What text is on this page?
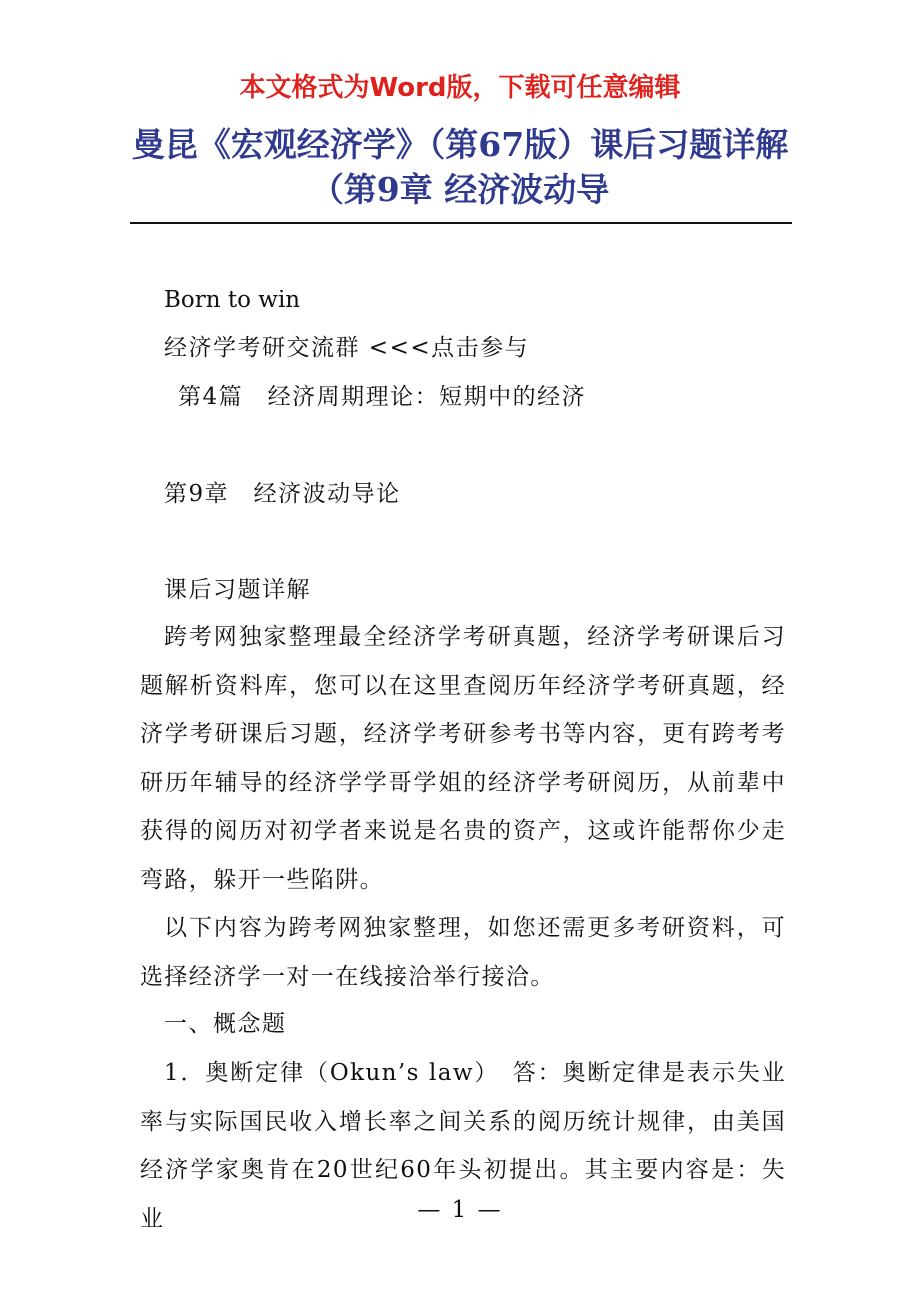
本文格式为Word版，下载可任意编辑
曼昆《宏观经济学》（第67版）课后习题详解（第9章 经济波动导
Born to win
经济学考研交流群 <<<点击参与
第4篇　经济周期理论：短期中的经济
第9章　经济波动导论
课后习题详解
跨考网独家整理最全经济学考研真题，经济学考研课后习题解析资料库，您可以在这里查阅历年经济学考研真题，经济学考研课后习题，经济学考研参考书等内容，更有跨考考研历年辅导的经济学学哥学姐的经济学考研阅历，从前辈中获得的阅历对初学者来说是名贵的资产，这或许能帮你少走弯路，躲开一些陷阱。
以下内容为跨考网独家整理，如您还需更多考研资料，可选择经济学一对一在线接洽举行接洽。
一、概念题
1．奥断定律（Okun’s law）　答：奥断定律是表示失业率与实际国民收入增长率之间关系的阅历统计规律，由美国经济学家奥肯在20世纪60年头初提出。其主要内容是：失业	— 1 —
